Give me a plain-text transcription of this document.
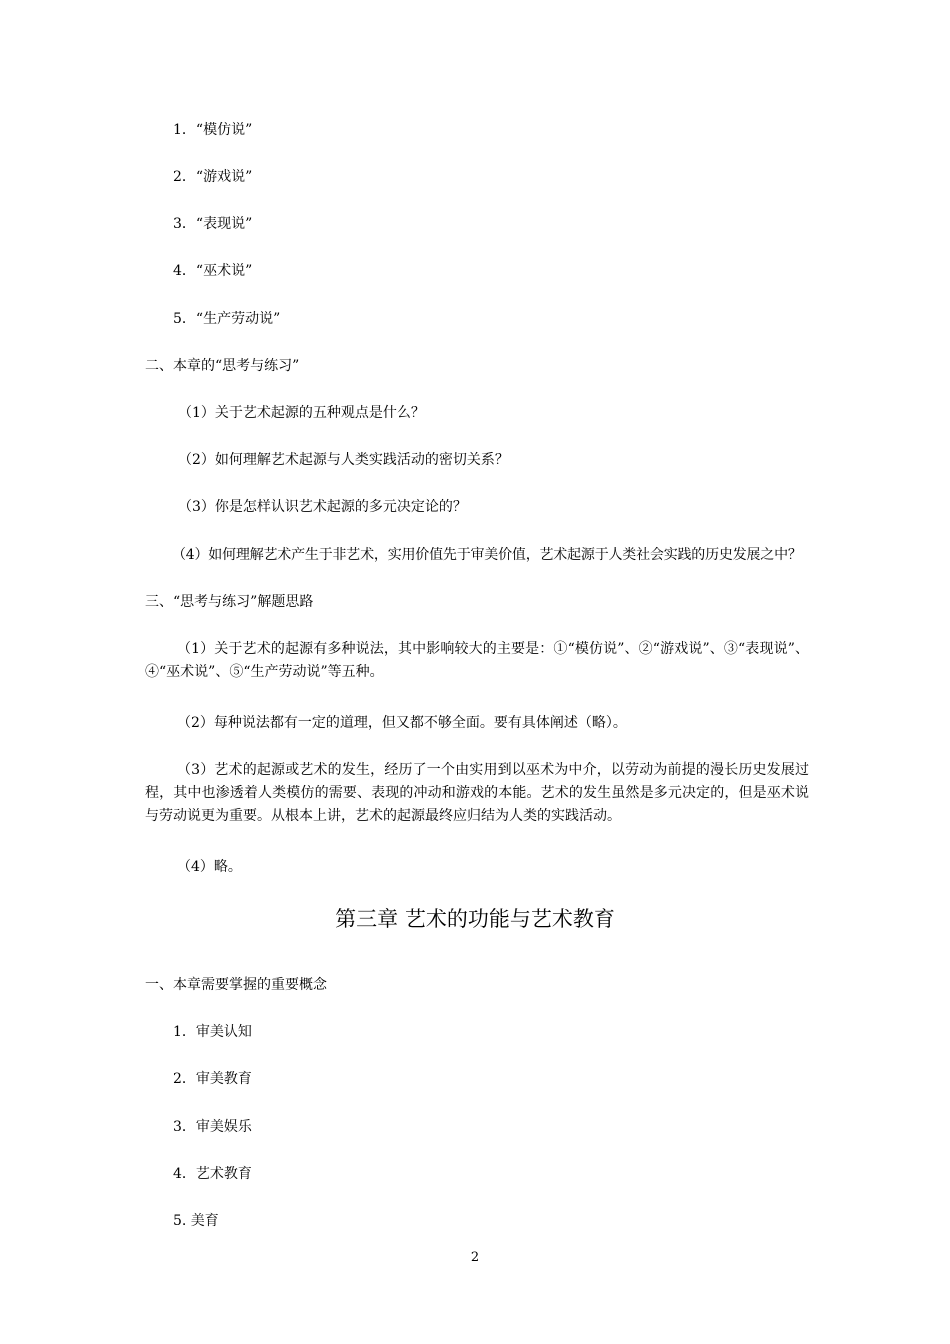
1．“模仿说”
2．“游戏说”
3．“表现说”
4．“巫术说”
5．“生产劳动说”
二、本章的“思考与练习”
（1）关于艺术起源的五种观点是什么？
（2）如何理解艺术起源与人类实践活动的密切关系？
（3）你是怎样认识艺术起源的多元决定论的？
（4）如何理解艺术产生于非艺术，实用价值先于审美价值，艺术起源于人类社会实践的历史发展之中？
三、“思考与练习”解题思路
（1）关于艺术的起源有多种说法，其中影响较大的主要是：①“模仿说”、②“游戏说”、③“表现说”、④“巫术说”、⑤“生产劳动说”等五种。
（2）每种说法都有一定的道理，但又都不够全面。要有具体阐述（略）。
（3）艺术的起源或艺术的发生，经历了一个由实用到以巫术为中介，以劳动为前提的漫长历史发展过程，其中也渗透着人类模仿的需要、表现的冲动和游戏的本能。艺术的发生虽然是多元决定的，但是巫术说与劳动说更为重要。从根本上讲，艺术的起源最终应归结为人类的实践活动。
（4）略。
第三章 艺术的功能与艺术教育
一、本章需要掌握的重要概念
1．审美认知
2．审美教育
3．审美娱乐
4．艺术教育
5. 美育
2
